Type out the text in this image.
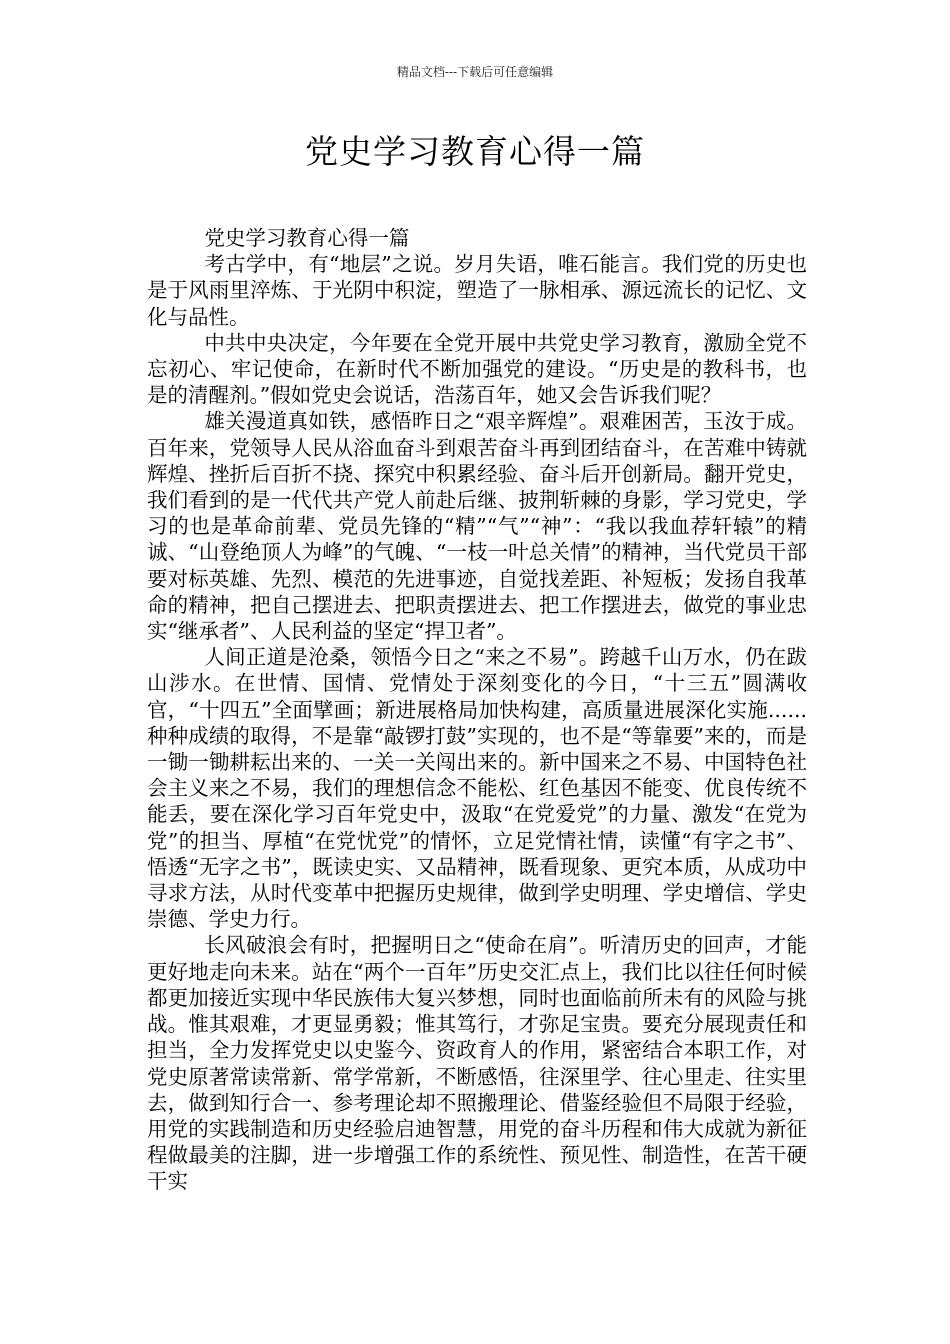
精品文档---下载后可任意编辑
党史学习教育心得一篇

党史学习教育心得一篇

考古学中，有“地层”之说。岁月失语，唯石能言。我们党的历史也是于风雨里淬炼、于光阴中积淀，塑造了一脉相承、源远流长的记忆、文化与品性。

中共中央决定，今年要在全党开展中共党史学习教育，激励全党不忘初心、牢记使命，在新时代不断加强党的建设。“历史是的教科书，也是的清醒剂。”假如党史会说话，浩荡百年，她又会告诉我们呢？

雄关漫道真如铁，感悟昨日之“艰辛辉煌”。艰难困苦，玉汝于成。百年来，党领导人民从浴血奋斗到艰苦奋斗再到团结奋斗，在苦难中铸就辉煌、挫折后百折不挠、探究中积累经验、奋斗后开创新局。翻开党史，我们看到的是一代代共产党人前赴后继、披荆斩棘的身影，学习党史，学习的也是革命前辈、党员先锋的“精”“气”“神”：“我以我血荐轩辕”的精诚、“山登绝顶人为峰”的气魄、“一枝一叶总关情”的精神，当代党员干部要对标英雄、先烈、模范的先进事迹，自觉找差距、补短板；发扬自我革命的精神，把自己摆进去、把职责摆进去、把工作摆进去，做党的事业忠实“继承者”、人民利益的坚定“捍卫者”。

人间正道是沧桑，领悟今日之“来之不易”。跨越千山万水，仍在跋山涉水。在世情、国情、党情处于深刻变化的今日，“十三五”圆满收官，“十四五”全面擘画；新进展格局加快构建，高质量进展深化实施......种种成绩的取得，不是靠“敲锣打鼓”实现的，也不是“等靠要”来的，而是一锄一锄耕耘出来的、一关一关闯出来的。新中国来之不易、中国特色社会主义来之不易，我们的理想信念不能松、红色基因不能变、优良传统不能丢，要在深化学习百年党史中，汲取“在党爱党”的力量、激发“在党为党”的担当、厚植“在党忧党”的情怀，立足党情社情，读懂“有字之书”、悟透“无字之书”，既读史实、又品精神，既看现象、更究本质，从成功中寻求方法，从时代变革中把握历史规律，做到学史明理、学史增信、学史崇德、学史力行。

长风破浪会有时，把握明日之“使命在肩”。听清历史的回声，才能更好地走向未来。站在“两个一百年”历史交汇点上，我们比以往任何时候都更加接近实现中华民族伟大复兴梦想，同时也面临前所未有的风险与挑战。惟其艰难，才更显勇毅；惟其笃行，才弥足宝贵。要充分展现责任和担当，全力发挥党史以史鉴今、资政育人的作用，紧密结合本职工作，对党史原著常读常新、常学常新，不断感悟，往深里学、往心里走、往实里去，做到知行合一、参考理论却不照搬理论、借鉴经验但不局限于经验，用党的实践制造和历史经验启迪智慧，用党的奋斗历程和伟大成就为新征程做最美的注脚，进一步增强工作的系统性、预见性、制造性，在苦干硬干实
